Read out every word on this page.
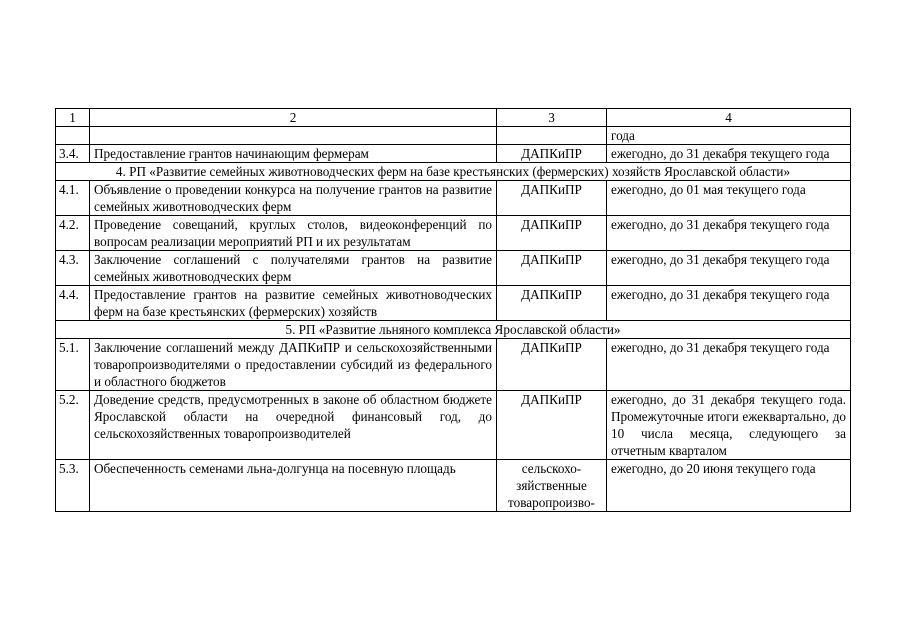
1	2	3	4
			года
3.4.	Предоставление грантов начинающим фермерам	ДАПКиПР	ежегодно, до 31 декабря текущего года
4. РП «Развитие семейных животноводческих ферм на базе крестьянских (фермерских) хозяйств Ярославской области»			
4.1.	Объявление о проведении конкурса на получение грантов на развитие семейных животноводческих ферм	ДАПКиПР	ежегодно, до 01 мая текущего года
4.2.	Проведение совещаний, круглых столов, видеоконференций по вопросам реализации мероприятий РП и их результатам	ДАПКиПР	ежегодно, до 31 декабря текущего года
4.3.	Заключение соглашений с получателями грантов на развитие семейных животноводческих ферм	ДАПКиПР	ежегодно, до 31 декабря текущего года
4.4.	Предоставление грантов на развитие семейных животноводческих ферм на базе крестьянских (фермерских) хозяйств	ДАПКиПР	ежегодно, до 31 декабря текущего года
5. РП «Развитие льняного комплекса Ярославской области»			
5.1.	Заключение соглашений между ДАПКиПР и сельскохозяйственными товаропроизводителями о предоставлении субсидий из федерального и областного бюджетов	ДАПКиПР	ежегодно, до 31 декабря текущего года
5.2.	Доведение средств, предусмотренных в законе об областном бюджете Ярославской области на очередной финансовый год, до сельскохозяйственных товаропроизводителей	ДАПКиПР	ежегодно, до 31 декабря текущего года. Промежуточные итоги ежеквартально, до 10 числа месяца, следующего за отчетным кварталом
5.3.	Обеспеченность семенами льна-долгунца на посевную площадь	сельскохо-зяйственные товаропроизво-	ежегодно, до 20 июня текущего года
